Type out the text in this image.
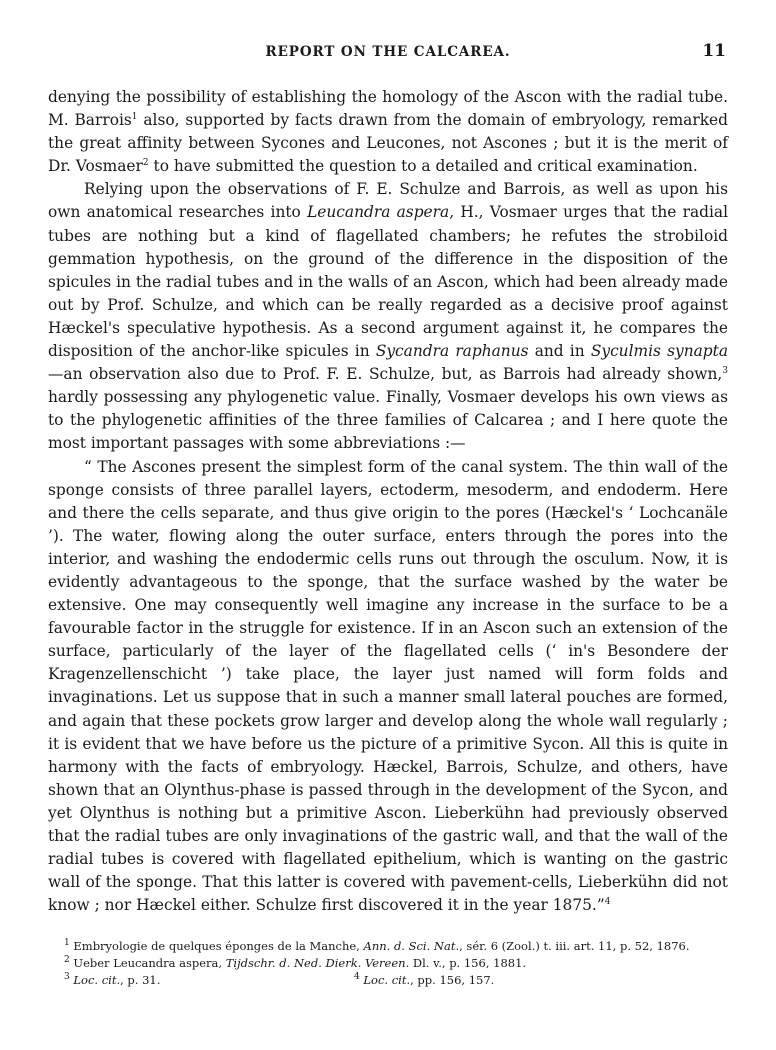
REPORT ON THE CALCAREA.	11

denying the possibility of establishing the homology of the Ascon with the radial tube. M. Barrois$^1$ also, supported by facts drawn from the domain of embryology, remarked the great affinity between Sycones and Leucones, not Ascones ; but it is the merit of Dr. Vosmaer$^2$ to have submitted the question to a detailed and critical examination.

Relying upon the observations of F. E. Schulze and Barrois, as well as upon his own anatomical researches into Leucandra aspera, H., Vosmaer urges that the radial tubes are nothing but a kind of flagellated chambers; he refutes the strobiloid gemmation hypothesis, on the ground of the difference in the disposition of the spicules in the radial tubes and in the walls of an Ascon, which had been already made out by Prof. Schulze, and which can be really regarded as a decisive proof against Hæckel's speculative hypothesis. As a second argument against it, he compares the disposition of the anchor-like spicules in Sycandra raphanus and in Syculmis synapta—an observation also due to Prof. F. E. Schulze, but, as Barrois had already shown,$^3$ hardly possessing any phylogenetic value. Finally, Vosmaer develops his own views as to the phylogenetic affinities of the three families of Calcarea ; and I here quote the most important passages with some abbreviations :—

“ The Ascones present the simplest form of the canal system. The thin wall of the sponge consists of three parallel layers, ectoderm, mesoderm, and endoderm. Here and there the cells separate, and thus give origin to the pores (Hæckel's ‘ Lochcanäle ’). The water, flowing along the outer surface, enters through the pores into the interior, and washing the endodermic cells runs out through the osculum. Now, it is evidently advantageous to the sponge, that the surface washed by the water be extensive. One may consequently well imagine any increase in the surface to be a favourable factor in the struggle for existence. If in an Ascon such an extension of the surface, particularly of the layer of the flagellated cells (‘ in's Besondere der Kragenzellenschicht ’) take place, the layer just named will form folds and invaginations. Let us suppose that in such a manner small lateral pouches are formed, and again that these pockets grow larger and develop along the whole wall regularly ; it is evident that we have before us the picture of a primitive Sycon. All this is quite in harmony with the facts of embryology. Hæckel, Barrois, Schulze, and others, have shown that an Olynthus-phase is passed through in the development of the Sycon, and yet Olynthus is nothing but a primitive Ascon. Lieberkühn had previously observed that the radial tubes are only invaginations of the gastric wall, and that the wall of the radial tubes is covered with flagellated epithelium, which is wanting on the gastric wall of the sponge. That this latter is covered with pavement-cells, Lieberkühn did not know ; nor Hæckel either. Schulze first discovered it in the year 1875.”$^4$

$^1$ Embryologie de quelques éponges de la Manche, Ann. d. Sci. Nat., sér. 6 (Zool.) t. iii. art. 11, p. 52, 1876.

$^2$ Ueber Leucandra aspera, Tijdschr. d. Ned. Dierk. Vereen. Dl. v., p. 156, 1881.

$^3$ Loc. cit., p. 31.	$^4$ Loc. cit., pp. 156, 157.
